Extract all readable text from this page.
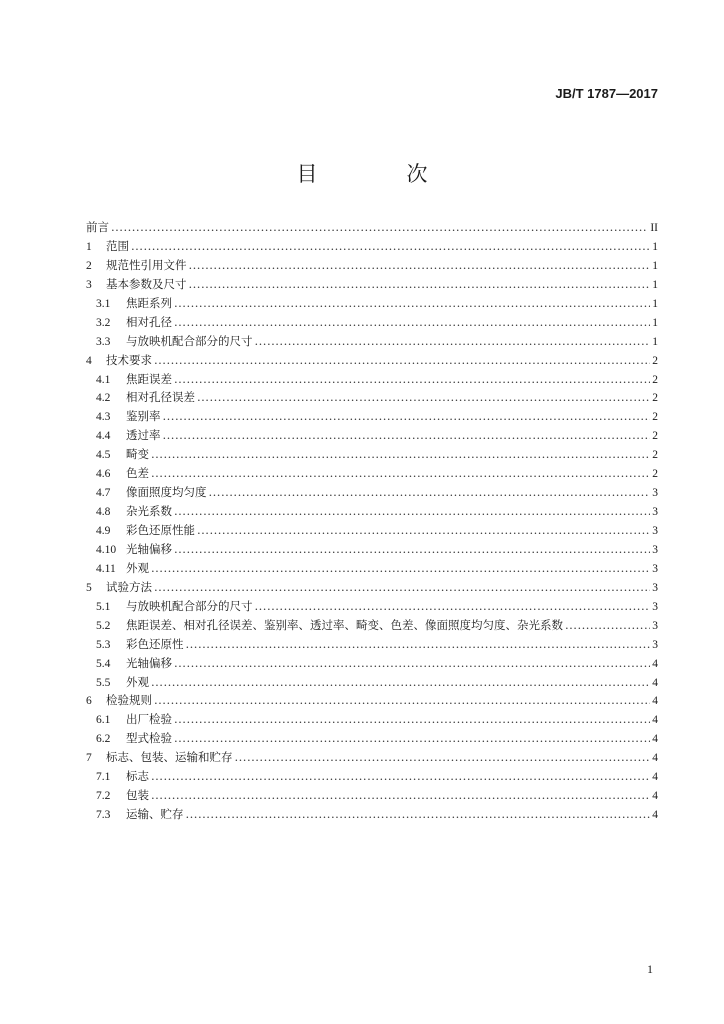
JB/T 1787—2017
目　次
前言 .....	II
1	范围 .....	1
2	规范性引用文件 .....	1
3	基本参数及尺寸 .....	1
3.1	焦距系列 .....	1
3.2	相对孔径 .....	1
3.3	与放映机配合部分的尺寸 .....	1
4	技术要求 .....	2
4.1	焦距误差 .....	2
4.2	相对孔径误差 .....	2
4.3	鉴别率 .....	2
4.4	透过率 .....	2
4.5	畸变 .....	2
4.6	色差 .....	2
4.7	像面照度均匀度 .....	3
4.8	杂光系数 .....	3
4.9	彩色还原性能 .....	3
4.10 光轴偏移 .....	3
4.11 外观 .....	3
5	试验方法 .....	3
5.1	与放映机配合部分的尺寸 .....	3
5.2	焦距误差、相对孔径误差、鉴别率、透过率、畸变、色差、像面照度均匀度、杂光系数 .....	3
5.3	彩色还原性 .....	3
5.4	光轴偏移 .....	4
5.5	外观 .....	4
6	检验规则 .....	4
6.1	出厂检验 .....	4
6.2	型式检验 .....	4
7	标志、包装、运输和贮存 .....	4
7.1	标志 .....	4
7.2	包装 .....	4
7.3	运输、贮存 .....	4
1
